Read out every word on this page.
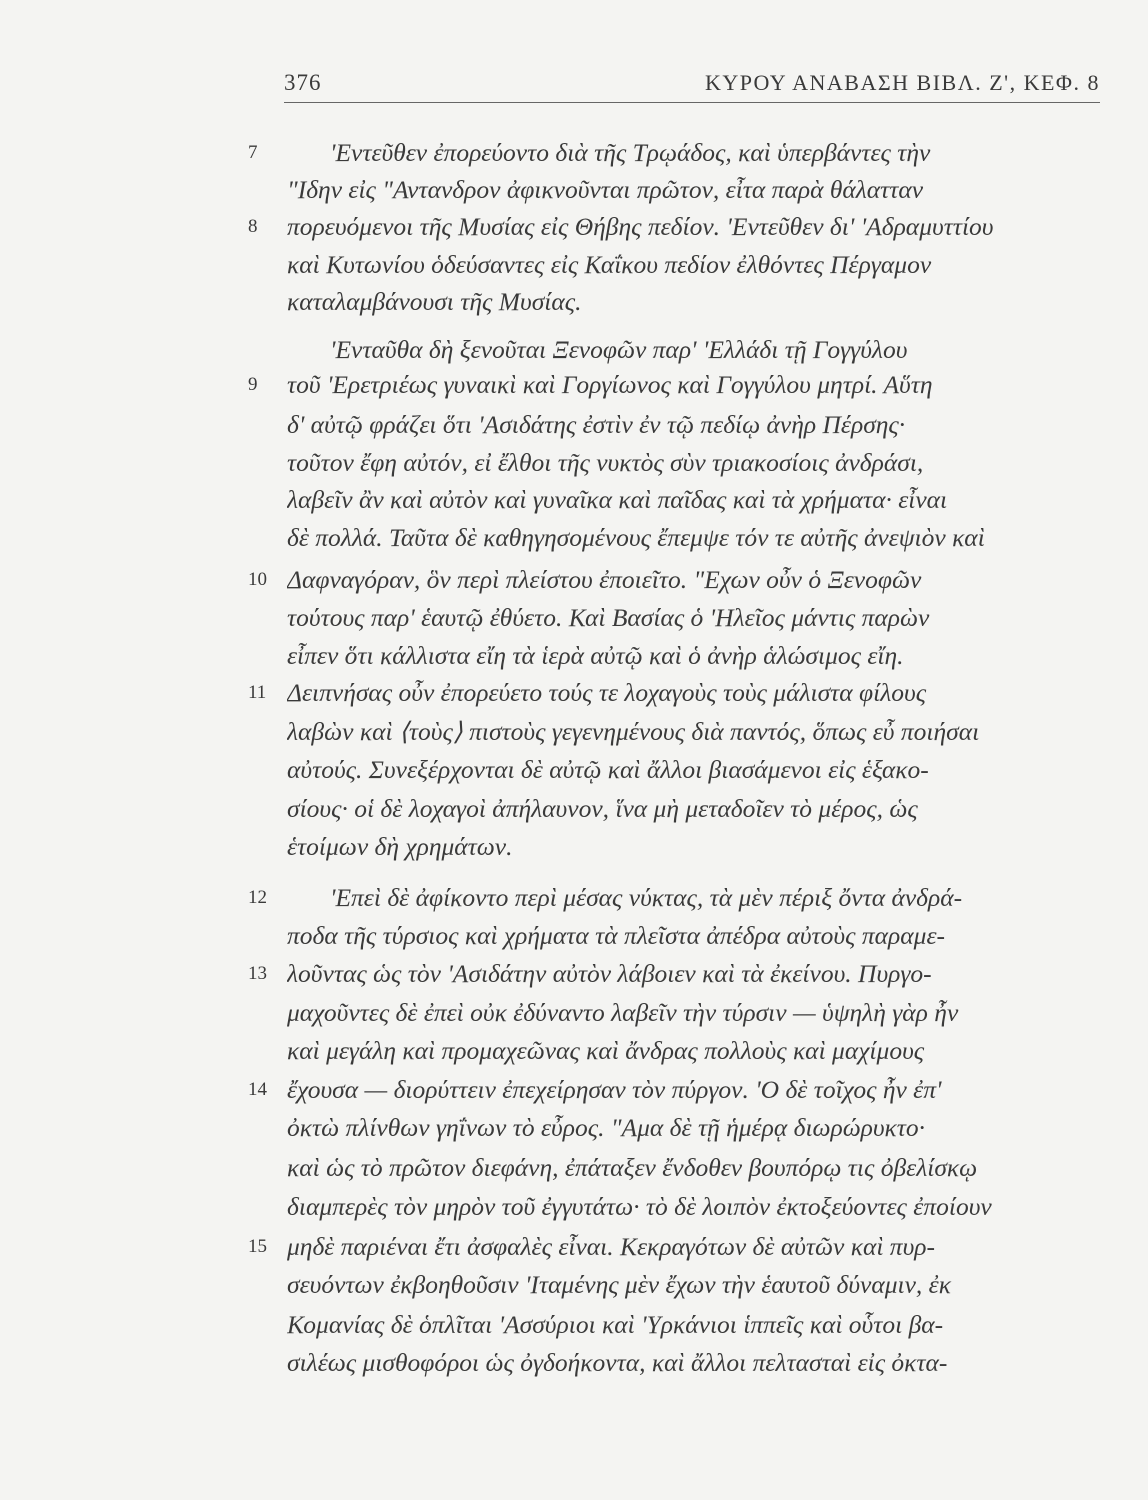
376	ΚΥΡΟΥ ΑΝΑΒΑΣΗ ΒΙΒΛ. Ζ', ΚΕΦ. 8
7	'Εντεῦθεν ἐπορεύοντο διὰ τῆς Τρῳάδος, καὶ ὑπερβάντες τὴν
"Ιδην εἰς "Αντανδρον ἀφικνοῦνται πρῶτον, εἶτα παρὰ θάλατταν
8	πορευόμενοι τῆς Μυσίας εἰς Θήβης πεδίον. 'Εντεῦθεν δι' 'Αδραμυττίου
καὶ Κυτωνίου ὁδεύσαντες εἰς Καΐκου πεδίον ἐλθόντες Πέργαμον
καταλαμβάνουσι τῆς Μυσίας.
'Ενταῦθα δὴ ξενοῦται Ξενοφῶν παρ' 'Ελλάδι τῇ Γογγύλου
9	τοῦ 'Ερετριέως γυναικὶ καὶ Γοργίωνος καὶ Γογγύλου μητρί. Αὕτη
δ' αὐτῷ φράζει ὅτι 'Ασιδάτης ἐστὶν ἐν τῷ πεδίῳ ἀνὴρ Πέρσης·
τοῦτον ἔφη αὐτόν, εἰ ἔλθοι τῆς νυκτὸς σὺν τριακοσίοις ἀνδράσι,
λαβεῖν ἂν καὶ αὐτὸν καὶ γυναῖκα καὶ παῖδας καὶ τὰ χρήματα· εἶναι
δὲ πολλά. Ταῦτα δὲ καθηγησομένους ἔπεμψε τόν τε αὐτῆς ἀνεψιὸν καὶ
10 Δαφναγόραν, ὃν περὶ πλείστου ἐποιεῖτο. "Εχων οὖν ὁ Ξενοφῶν
τούτους παρ' ἑαυτῷ ἐθύετο. Καὶ Βασίας ὁ 'Ηλεῖος μάντις παρὼν
εἶπεν ὅτι κάλλιστα εἴη τὰ ἱερὰ αὐτῷ καὶ ὁ ἀνὴρ ἁλώσιμος εἴη.
11 Δειπνήσας οὖν ἐπορεύετο τούς τε λοχαγοὺς τοὺς μάλιστα φίλους
λαβὼν καὶ ⟨τοὺς⟩ πιστοὺς γεγενημένους διὰ παντός, ὅπως εὖ ποιήσαι
αὐτούς. Συνεξέρχονται δὲ αὐτῷ καὶ ἄλλοι βιασάμενοι εἰς ἑξακο-
σίους· οἱ δὲ λοχαγοὶ ἀπήλαυνον, ἵνα μὴ μεταδοῖεν τὸ μέρος, ὡς
ἑτοίμων δὴ χρημάτων.
12	'Επεὶ δὲ ἀφίκοντο περὶ μέσας νύκτας, τὰ μὲν πέριξ ὄντα ἀνδρά-
ποδα τῆς τύρσιος καὶ χρήματα τὰ πλεῖστα ἀπέδρα αὐτοὺς παραμε-
13 λοῦντας ὡς τὸν 'Ασιδάτην αὐτὸν λάβοιεν καὶ τὰ ἐκείνου. Πυργο-
μαχοῦντες δὲ ἐπεὶ οὐκ ἐδύναντο λαβεῖν τὴν τύρσιν — ὑψηλὴ γὰρ ἦν
καὶ μεγάλη καὶ προμαχεῶνας καὶ ἄνδρας πολλοὺς καὶ μαχίμους
14 ἔχουσα — διορύττειν ἐπεχείρησαν τὸν πύργον. 'Ο δὲ τοῖχος ἦν ἐπ'
ὀκτὼ πλίνθων γηΐνων τὸ εὖρος. "Αμα δὲ τῇ ἡμέρᾳ διωρώρυκτο·
καὶ ὡς τὸ πρῶτον διεφάνη, ἐπάταξεν ἔνδοθεν βουπόρῳ τις ὀβελίσκῳ
διαμπερὲς τὸν μηρὸν τοῦ ἐγγυτάτω· τὸ δὲ λοιπὸν ἐκτοξεύοντες ἐποίουν
15 μηδὲ παριέναι ἔτι ἀσφαλὲς εἶναι. Κεκραγότων δὲ αὐτῶν καὶ πυρ-
σευόντων ἐκβοηθοῦσιν 'Ιταμένης μὲν ἔχων τὴν ἑαυτοῦ δύναμιν, ἐκ
Κομανίας δὲ ὁπλῖται 'Ασσύριοι καὶ 'Υρκάνιοι ἱππεῖς καὶ οὗτοι βα-
σιλέως μισθοφόροι ὡς ὀγδοήκοντα, καὶ ἄλλοι πελτασταὶ εἰς ὀκτα-
